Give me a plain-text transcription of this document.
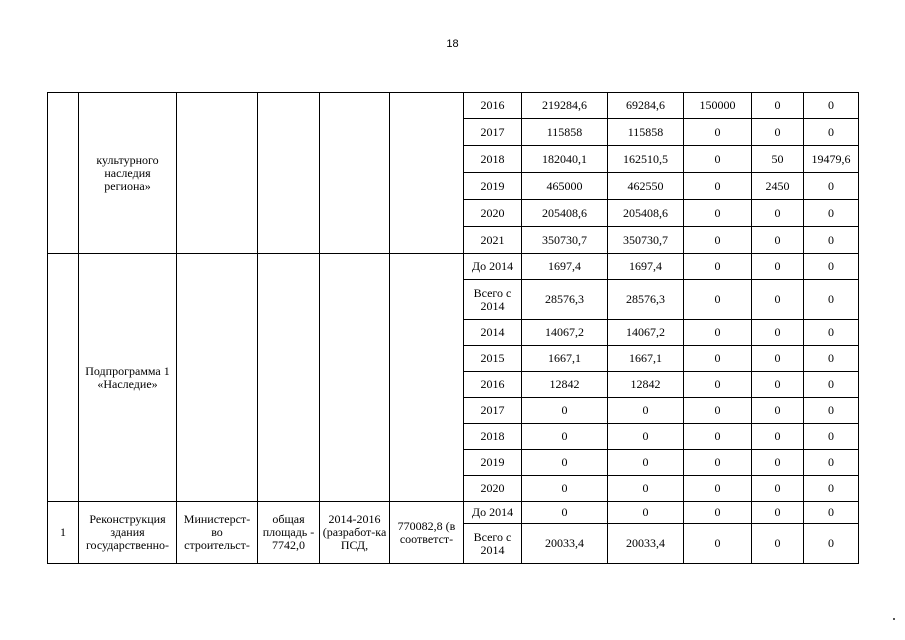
18
	культурного наследия региона»					2016	219284,6	69284,6	150000	0	0
						2017	115858	115858	0	0	0
						2018	182040,1	162510,5	0	50	19479,6
						2019	465000	462550	0	2450	0
						2020	205408,6	205408,6	0	0	0
						2021	350730,7	350730,7	0	0	0
	Подпрограмма 1 «Наследие»					До 2014	1697,4	1697,4	0	0	0
						Всего с 2014	28576,3	28576,3	0	0	0
						2014	14067,2	14067,2	0	0	0
						2015	1667,1	1667,1	0	0	0
						2016	12842	12842	0	0	0
						2017	0	0	0	0	0
						2018	0	0	0	0	0
						2019	0	0	0	0	0
						2020	0	0	0	0	0
1	Реконструкция здания государственно-	Министерст-во строительст-	общая площадь - 7742,0	2014-2016 (разработ-ка ПСД,	770082,8 (в соответст-	До 2014	0	0	0	0	0
						Всего с 2014	20033,4	20033,4	0	0	0
